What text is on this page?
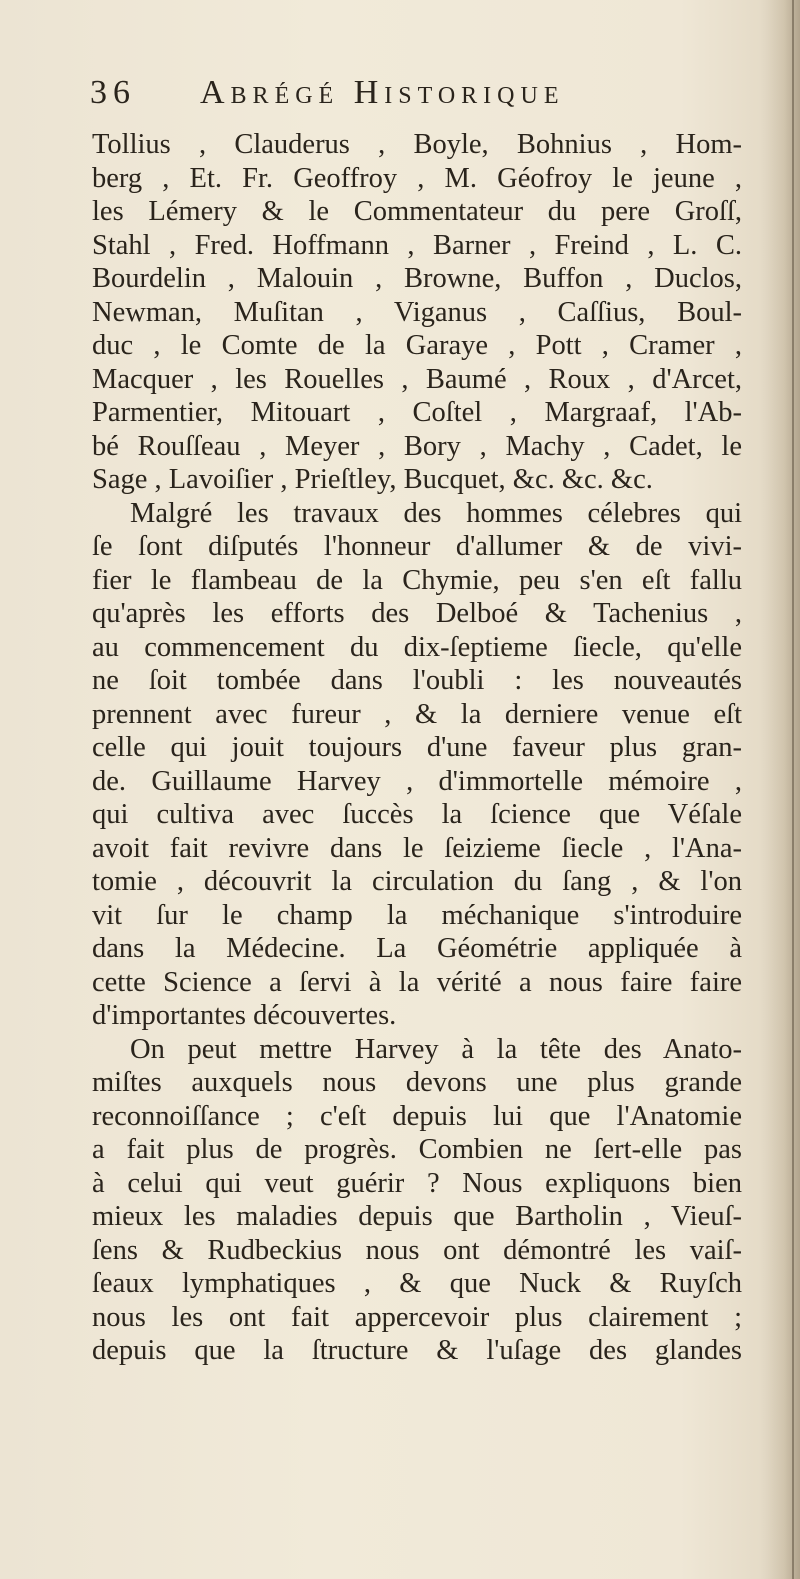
36 Abrégé Historique
Tollius , Clauderus , Boyle, Bohnius , Hom-
berg , Et. Fr. Geoffroy , M. Géofroy le jeune ,
les Lémery & le Commentateur du pere Groſſ,
Stahl , Fred. Hoffmann , Barner , Freind , L. C.
Bourdelin , Malouin , Browne, Buffon , Duclos,
Newman, Muſitan , Viganus , Caſſius, Boul-
duc , le Comte de la Garaye , Pott , Cramer ,
Macquer , les Rouelles , Baumé , Roux , d'Arcet,
Parmentier, Mitouart , Coſtel , Margraaf, l'Ab-
bé Rouſſeau , Meyer , Bory , Machy , Cadet, le
Sage , Lavoiſier , Prieſtley, Bucquet, &c. &c. &c.
Malgré les travaux des hommes célebres qui
ſe ſont diſputés l'honneur d'allumer & de vivi-
fier le flambeau de la Chymie, peu s'en eſt fallu
qu'après les efforts des Delboé & Tachenius ,
au commencement du dix-ſeptieme ſiecle, qu'elle
ne ſoit tombée dans l'oubli : les nouveautés
prennent avec fureur , & la derniere venue eſt
celle qui jouit toujours d'une faveur plus gran-
de. Guillaume Harvey , d'immortelle mémoire ,
qui cultiva avec ſuccès la ſcience que Véſale
avoit fait revivre dans le ſeizieme ſiecle , l'Ana-
tomie , découvrit la circulation du ſang , & l'on
vit ſur le champ la méchanique s'introduire
dans la Médecine. La Géométrie appliquée à
cette Science a ſervi à la vérité a nous faire faire
d'importantes découvertes.
On peut mettre Harvey à la tête des Anato-
miſtes auxquels nous devons une plus grande
reconnoiſſance ; c'eſt depuis lui que l'Anatomie
a fait plus de progrès. Combien ne ſert-elle pas
à celui qui veut guérir ? Nous expliquons bien
mieux les maladies depuis que Bartholin , Vieuſ-
ſens & Rudbeckius nous ont démontré les vaiſ-
ſeaux lymphatiques , & que Nuck & Ruyſch
nous les ont fait appercevoir plus clairement ;
depuis que la ſtructure & l'uſage des glandes
